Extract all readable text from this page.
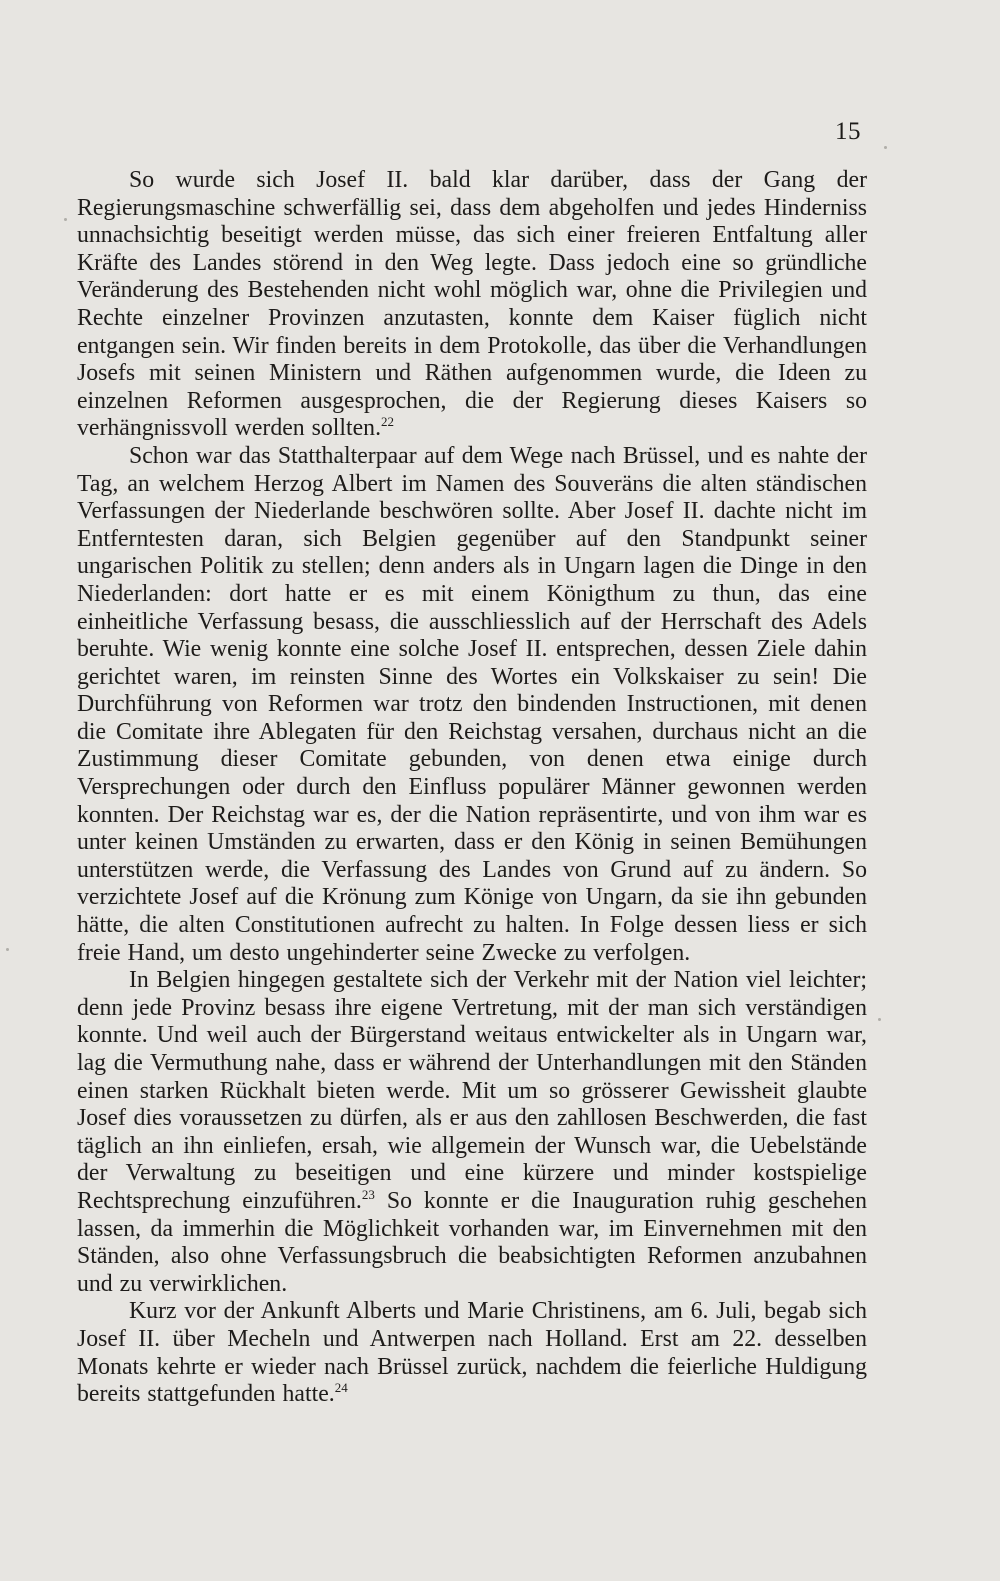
15

So wurde sich Josef II. bald klar darüber, dass der Gang der Regierungsmaschine schwerfällig sei, dass dem abgeholfen und jedes Hinderniss unnachsichtig beseitigt werden müsse, das sich einer freieren Entfaltung aller Kräfte des Landes störend in den Weg legte. Dass jedoch eine so gründliche Veränderung des Bestehenden nicht wohl möglich war, ohne die Privilegien und Rechte einzelner Provinzen anzutasten, konnte dem Kaiser füglich nicht entgangen sein. Wir finden bereits in dem Protokolle, das über die Verhandlungen Josefs mit seinen Ministern und Räthen aufgenommen wurde, die Ideen zu einzelnen Reformen ausgesprochen, die der Regierung dieses Kaisers so verhängnissvoll werden sollten.$^{22}$

Schon war das Statthalterpaar auf dem Wege nach Brüssel, und es nahte der Tag, an welchem Herzog Albert im Namen des Souveräns die alten ständischen Verfassungen der Niederlande beschwören sollte. Aber Josef II. dachte nicht im Entferntesten daran, sich Belgien gegenüber auf den Standpunkt seiner ungarischen Politik zu stellen; denn anders als in Ungarn lagen die Dinge in den Niederlanden: dort hatte er es mit einem Königthum zu thun, das eine einheitliche Verfassung besass, die ausschliesslich auf der Herrschaft des Adels beruhte. Wie wenig konnte eine solche Josef II. entsprechen, dessen Ziele dahin gerichtet waren, im reinsten Sinne des Wortes ein Volkskaiser zu sein! Die Durchführung von Reformen war trotz den bindenden Instructionen, mit denen die Comitate ihre Ablegaten für den Reichstag versahen, durchaus nicht an die Zustimmung dieser Comitate gebunden, von denen etwa einige durch Versprechungen oder durch den Einfluss populärer Männer gewonnen werden konnten. Der Reichstag war es, der die Nation repräsentirte, und von ihm war es unter keinen Umständen zu erwarten, dass er den König in seinen Bemühungen unterstützen werde, die Verfassung des Landes von Grund auf zu ändern. So verzichtete Josef auf die Krönung zum Könige von Ungarn, da sie ihn gebunden hätte, die alten Constitutionen aufrecht zu halten. In Folge dessen liess er sich freie Hand, um desto ungehinderter seine Zwecke zu verfolgen.

In Belgien hingegen gestaltete sich der Verkehr mit der Nation viel leichter; denn jede Provinz besass ihre eigene Vertretung, mit der man sich verständigen konnte. Und weil auch der Bürgerstand weitaus entwickelter als in Ungarn war, lag die Vermuthung nahe, dass er während der Unterhandlungen mit den Ständen einen starken Rückhalt bieten werde. Mit um so grösserer Gewissheit glaubte Josef dies voraussetzen zu dürfen, als er aus den zahllosen Beschwerden, die fast täglich an ihn einliefen, ersah, wie allgemein der Wunsch war, die Uebelstände der Verwaltung zu beseitigen und eine kürzere und minder kostspielige Rechtsprechung einzuführen.$^{23}$ So konnte er die Inauguration ruhig geschehen lassen, da immerhin die Möglichkeit vorhanden war, im Einvernehmen mit den Ständen, also ohne Verfassungsbruch die beabsichtigten Reformen anzubahnen und zu verwirklichen.

Kurz vor der Ankunft Alberts und Marie Christinens, am 6. Juli, begab sich Josef II. über Mecheln und Antwerpen nach Holland. Erst am 22. desselben Monats kehrte er wieder nach Brüssel zurück, nachdem die feierliche Huldigung bereits stattgefunden hatte.$^{24}$
